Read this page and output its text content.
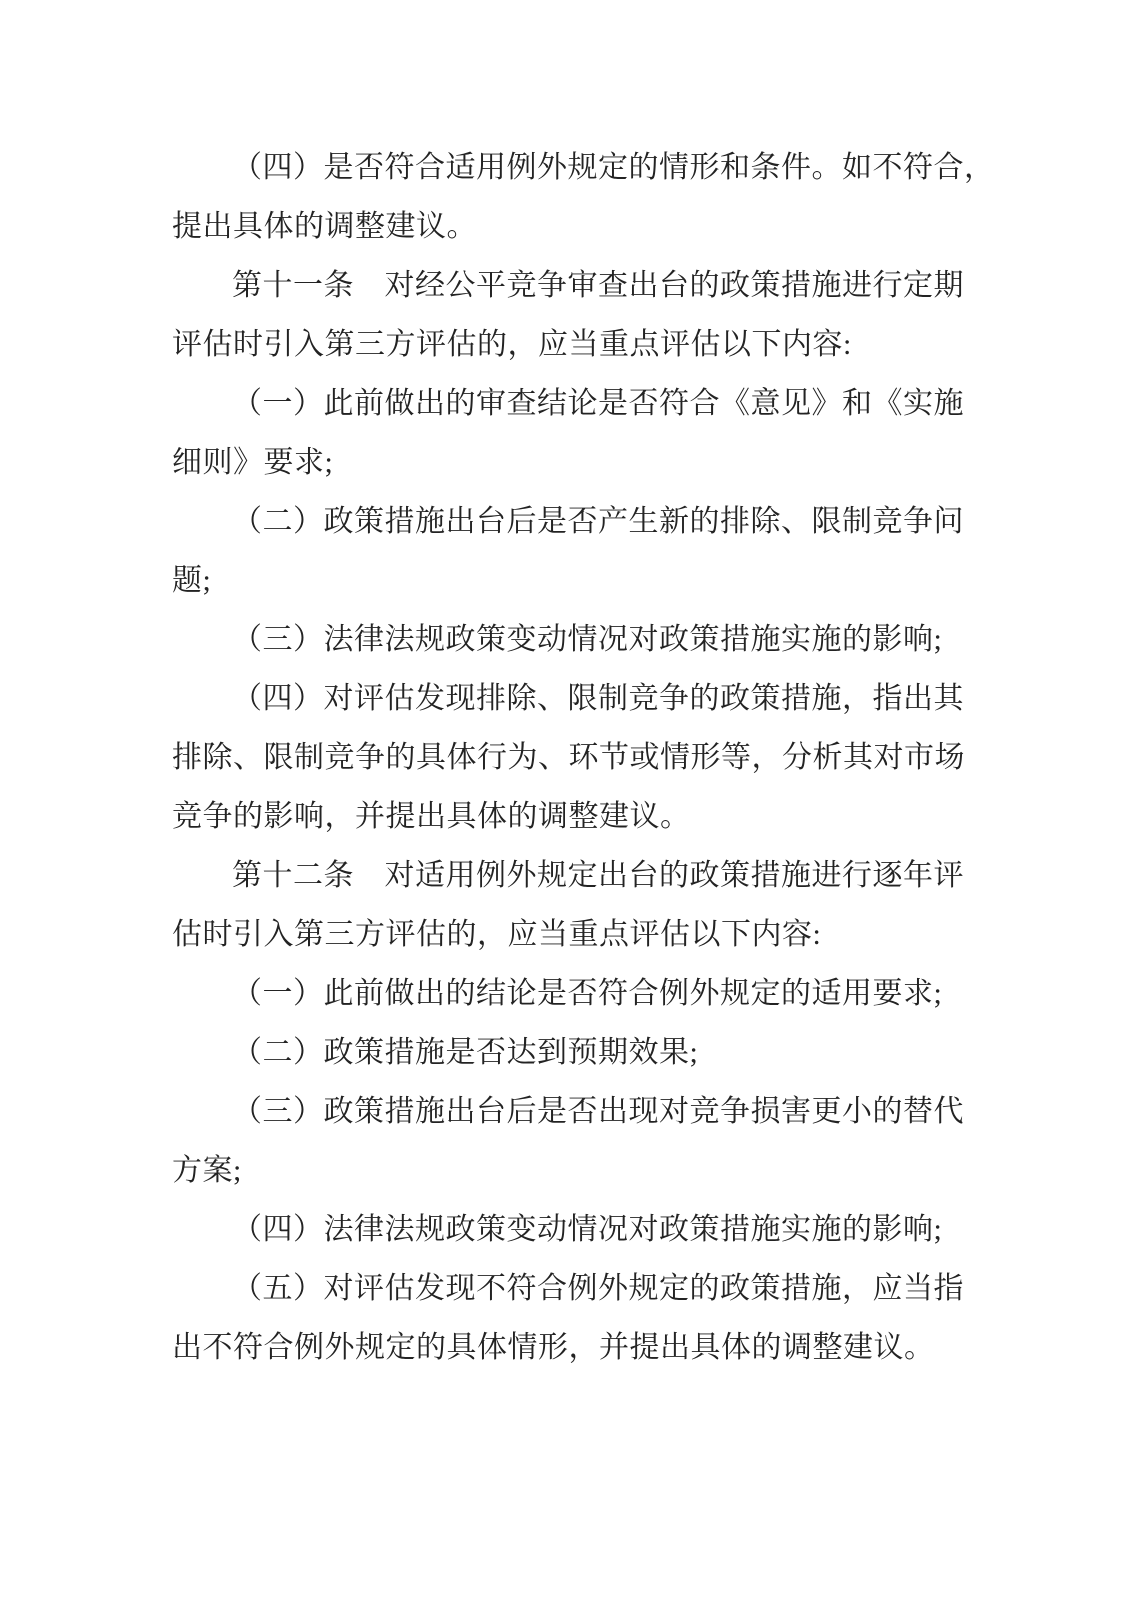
（四）是否符合适用例外规定的情形和条件。如不符合，
提出具体的调整建议。
第十一条　对经公平竞争审查出台的政策措施进行定期
评估时引入第三方评估的，应当重点评估以下内容:
（一）此前做出的审查结论是否符合《意见》和《实施
细则》要求;
（二）政策措施出台后是否产生新的排除、限制竞争问
题;
（三）法律法规政策变动情况对政策措施实施的影响;
（四）对评估发现排除、限制竞争的政策措施，指出其
排除、限制竞争的具体行为、环节或情形等，分析其对市场
竞争的影响，并提出具体的调整建议。
第十二条　对适用例外规定出台的政策措施进行逐年评
估时引入第三方评估的，应当重点评估以下内容:
（一）此前做出的结论是否符合例外规定的适用要求;
（二）政策措施是否达到预期效果;
（三）政策措施出台后是否出现对竞争损害更小的替代
方案;
（四）法律法规政策变动情况对政策措施实施的影响;
（五）对评估发现不符合例外规定的政策措施，应当指
出不符合例外规定的具体情形，并提出具体的调整建议。
